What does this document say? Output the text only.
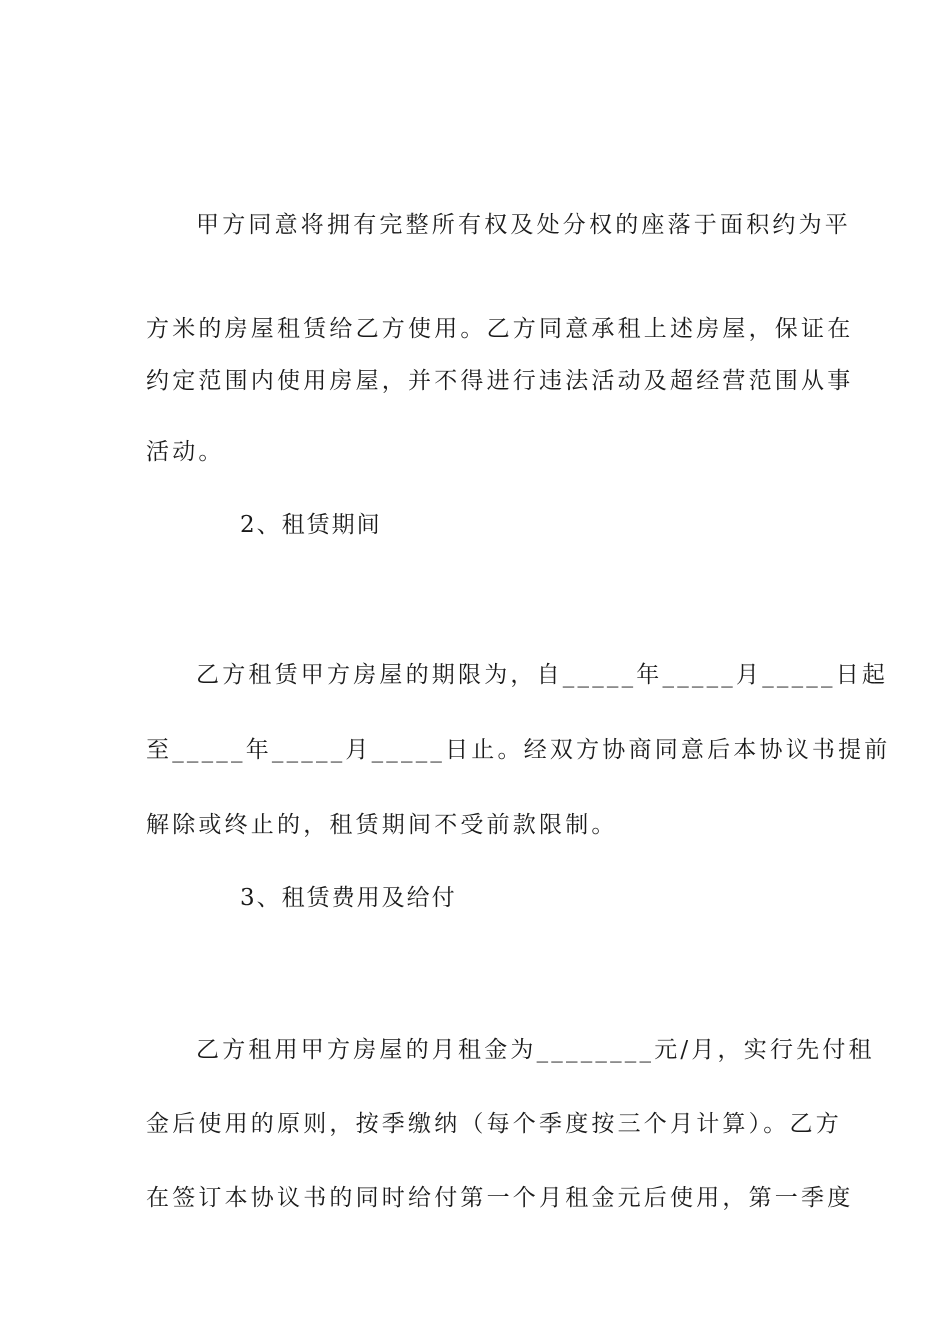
甲方同意将拥有完整所有权及处分权的座落于面积约为平
方米的房屋租赁给乙方使用。乙方同意承租上述房屋，保证在
约定范围内使用房屋，并不得进行违法活动及超经营范围从事
活动。
2、租赁期间
乙方租赁甲方房屋的期限为，自_____年_____月_____日起
至_____年_____月_____日止。经双方协商同意后本协议书提前
解除或终止的，租赁期间不受前款限制。
3、租赁费用及给付
乙方租用甲方房屋的月租金为________元/月，实行先付租
金后使用的原则，按季缴纳（每个季度按三个月计算）。乙方
在签订本协议书的同时给付第一个月租金元后使用，第一季度
